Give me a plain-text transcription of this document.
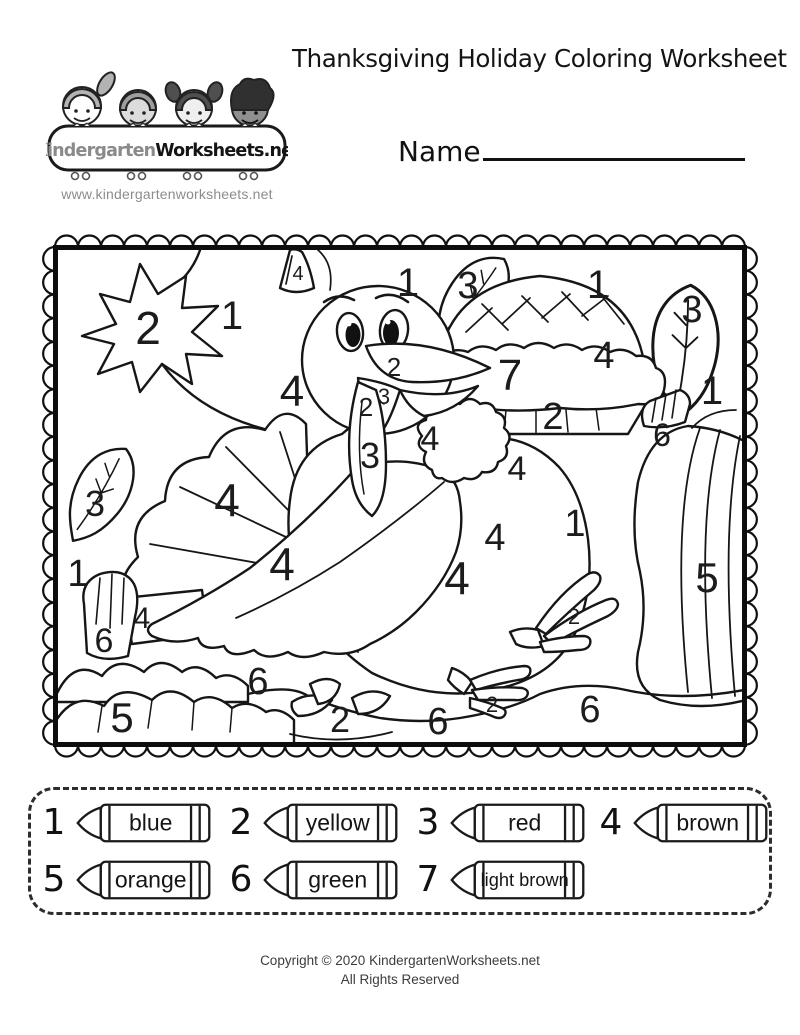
KindergartenWorksheets.net
www.kindergartenworksheets.net
Thanksgiving Holiday Coloring Worksheet
Name
4
1
2
1 3	1
3
4	2
2 3
3
4
7
2
1
6
4
4
3
1
4
4
4
6
5
6
2
4
4 1
2
2
5
6
6
1	blue 2 yellow 3	red 4 brown
5 orange 6 green 7 light brown
Copyright © 2020 KindergartenWorksheets.net
All Rights Reserved
